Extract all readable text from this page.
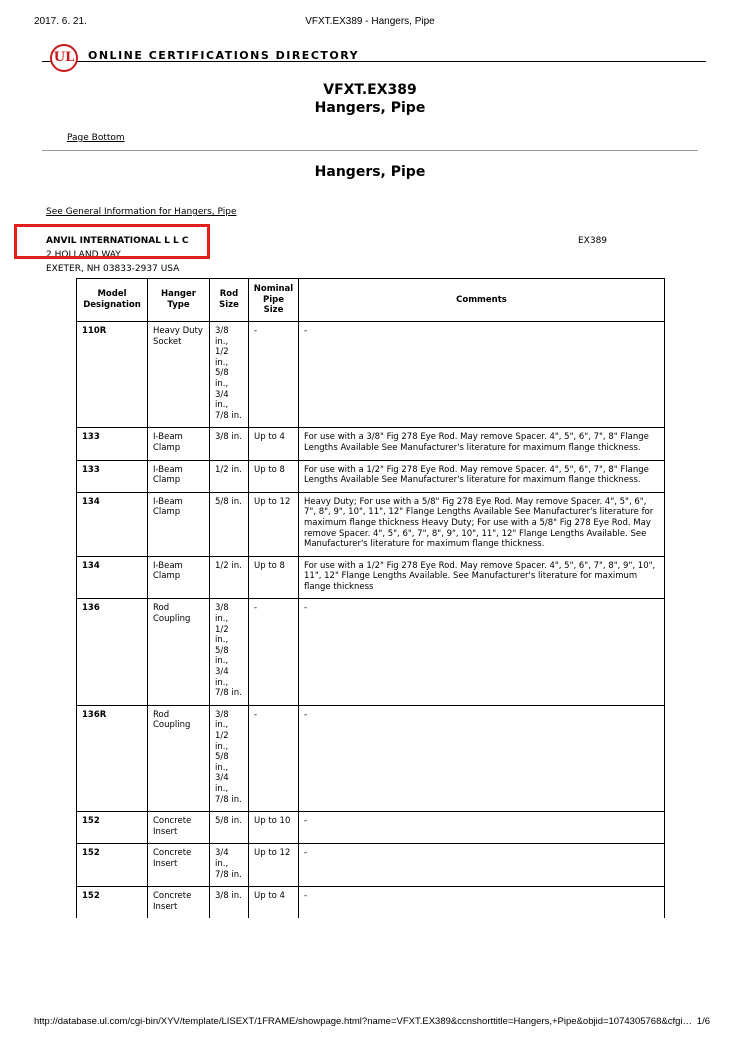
2017. 6. 21.	VFXT.EX389 - Hangers, Pipe
UL	ONLINE CERTIFICATIONS DIRECTORY
VFXT.EX389
Hangers, Pipe
Page Bottom
Hangers, Pipe
See General Information for Hangers, Pipe
ANVIL INTERNATIONAL L L C	EX389
2 HOLLAND WAY
EXETER, NH 03833-2937 USA
Model Designation	Hanger Type	Rod Size	Nominal Pipe Size	Comments
110R	Heavy Duty Socket	3/8 in., 1/2 in., 5/8 in., 3/4 in., 7/8 in.	-	-
133	I-Beam Clamp	3/8 in.	Up to 4	For use with a 3/8" Fig 278 Eye Rod. May remove Spacer. 4", 5", 6", 7", 8" Flange Lengths Available See Manufacturer's literature for maximum flange thickness.
133	I-Beam Clamp	1/2 in.	Up to 8	For use with a 1/2" Fig 278 Eye Rod. May remove Spacer. 4", 5", 6", 7", 8" Flange Lengths Available See Manufacturer's literature for maximum flange thickness.
134	I-Beam Clamp	5/8 in.	Up to 12	Heavy Duty; For use with a 5/8" Fig 278 Eye Rod. May remove Spacer. 4", 5", 6", 7", 8", 9", 10", 11", 12" Flange Lengths Available See Manufacturer's literature for maximum flange thickness Heavy Duty; For use with a 5/8" Fig 278 Eye Rod. May remove Spacer. 4", 5", 6", 7", 8", 9", 10", 11", 12" Flange Lengths Available. See Manufacturer's literature for maximum flange thickness.
134	I-Beam Clamp	1/2 in.	Up to 8	For use with a 1/2" Fig 278 Eye Rod. May remove Spacer. 4", 5", 6", 7", 8", 9", 10", 11", 12" Flange Lengths Available. See Manufacturer's literature for maximum flange thickness
136	Rod Coupling	3/8 in., 1/2 in., 5/8 in., 3/4 in., 7/8 in.	-	-
136R	Rod Coupling	3/8 in., 1/2 in., 5/8 in., 3/4 in., 7/8 in.	-	-
152	Concrete Insert	5/8 in.	Up to 10	-
152	Concrete Insert	3/4 in., 7/8 in.	Up to 12	-
152	Concrete Insert	3/8 in.	Up to 4	-
http://database.ul.com/cgi-bin/XYV/template/LISEXT/1FRAME/showpage.html?name=VFXT.EX389&ccnshorttitle=Hangers,+Pipe&objid=1074305768&cfgi… 1/6
